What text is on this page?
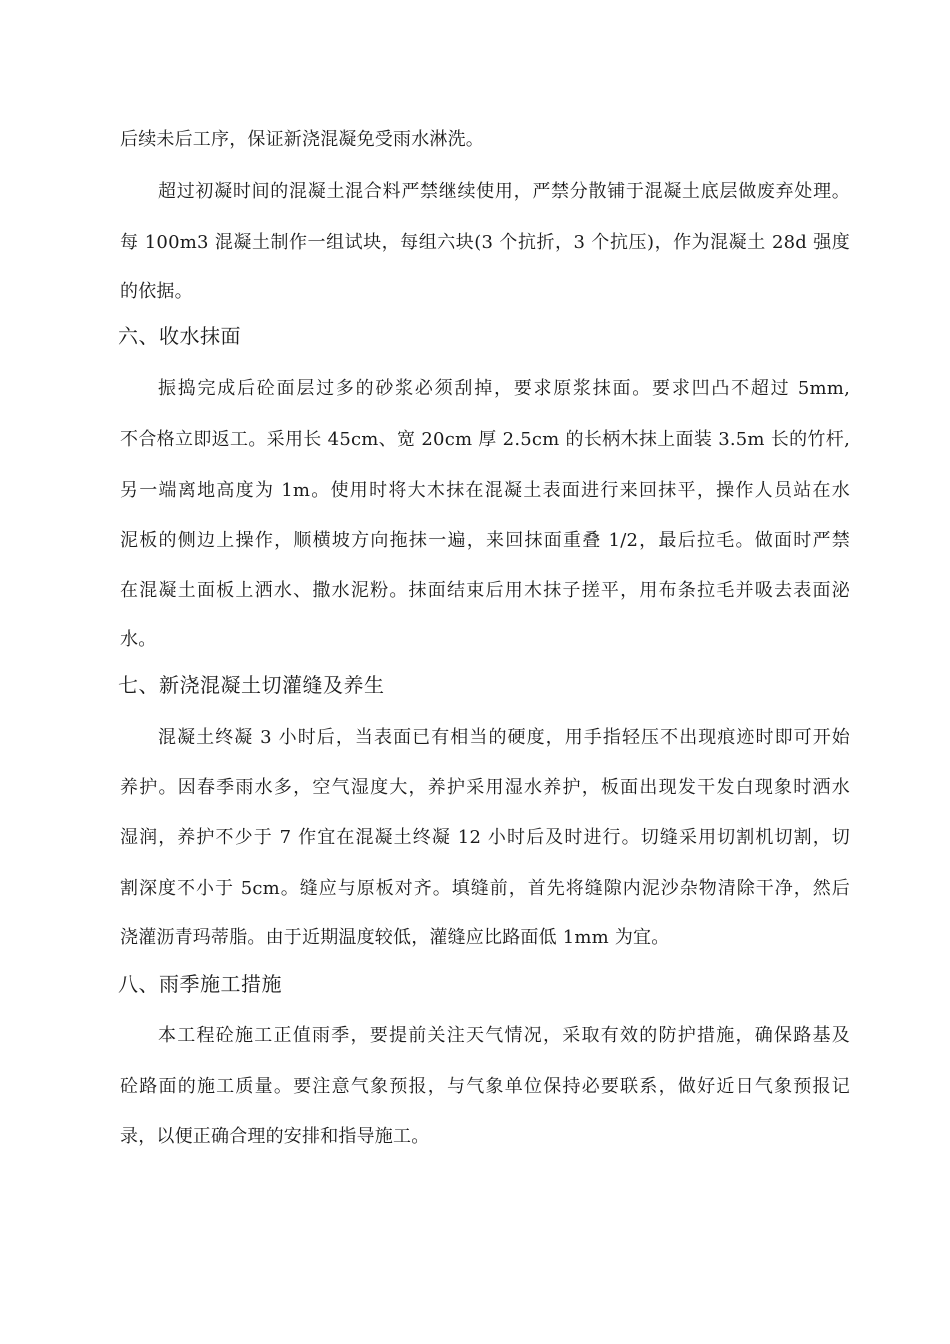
后续未后工序，保证新浇混凝免受雨水淋洗。
超过初凝时间的混凝土混合料严禁继续使用，严禁分散铺于混凝土底层做废弃处理。
每 100m3 混凝土制作一组试块，每组六块(3 个抗折，3 个抗压)，作为混凝土 28d 强度
的依据。
六、收水抹面
振捣完成后砼面层过多的砂浆必须刮掉，要求原浆抹面。要求凹凸不超过 5mm,
不合格立即返工。采用长 45cm、宽 20cm 厚 2.5cm 的长柄木抹上面装 3.5m 长的竹杆,
另一端离地高度为 1m。使用时将大木抹在混凝土表面进行来回抹平，操作人员站在水
泥板的侧边上操作，顺横坡方向拖抹一遍，来回抹面重叠 1/2，最后拉毛。做面时严禁
在混凝土面板上洒水、撒水泥粉。抹面结束后用木抹子搓平，用布条拉毛并吸去表面泌
水。
七、新浇混凝土切灌缝及养生
混凝土终凝 3 小时后，当表面已有相当的硬度，用手指轻压不出现痕迹时即可开始
养护。因春季雨水多，空气湿度大，养护采用湿水养护，板面出现发干发白现象时洒水
湿润，养护不少于 7 作宜在混凝土终凝 12 小时后及时进行。切缝采用切割机切割，切
割深度不小于 5cm。缝应与原板对齐。填缝前，首先将缝隙内泥沙杂物清除干净，然后
浇灌沥青玛蒂脂。由于近期温度较低，灌缝应比路面低 1mm 为宜。
八、雨季施工措施
本工程砼施工正值雨季，要提前关注天气情况，采取有效的防护措施，确保路基及
砼路面的施工质量。要注意气象预报，与气象单位保持必要联系，做好近日气象预报记
录，以便正确合理的安排和指导施工。
